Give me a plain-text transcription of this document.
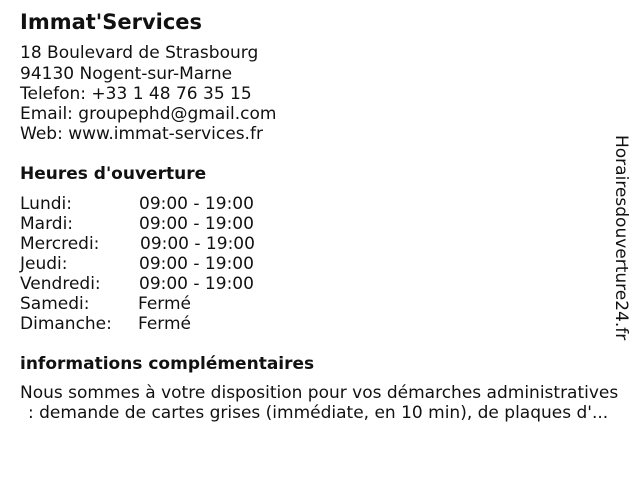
Immat'Services
18 Boulevard de Strasbourg
94130 Nogent-sur-Marne
Telefon: +33 1 48 76 35 15
Email: groupephd@gmail.com
Web: www.immat-services.fr
Heures d'ouverture
Lundi:	09:00 - 19:00
Mardi:	09:00 - 19:00
Mercredi: 09:00 - 19:00
Jeudi:	09:00 - 19:00
Vendredi: 09:00 - 19:00
Samedi:	Fermé
Dimanche: Fermé
informations complémentaires
Nous sommes à votre disposition pour vos démarches administratives
: demande de cartes grises (immédiate, en 10 min), de plaques d'...
Horairesdouverture24.fr
